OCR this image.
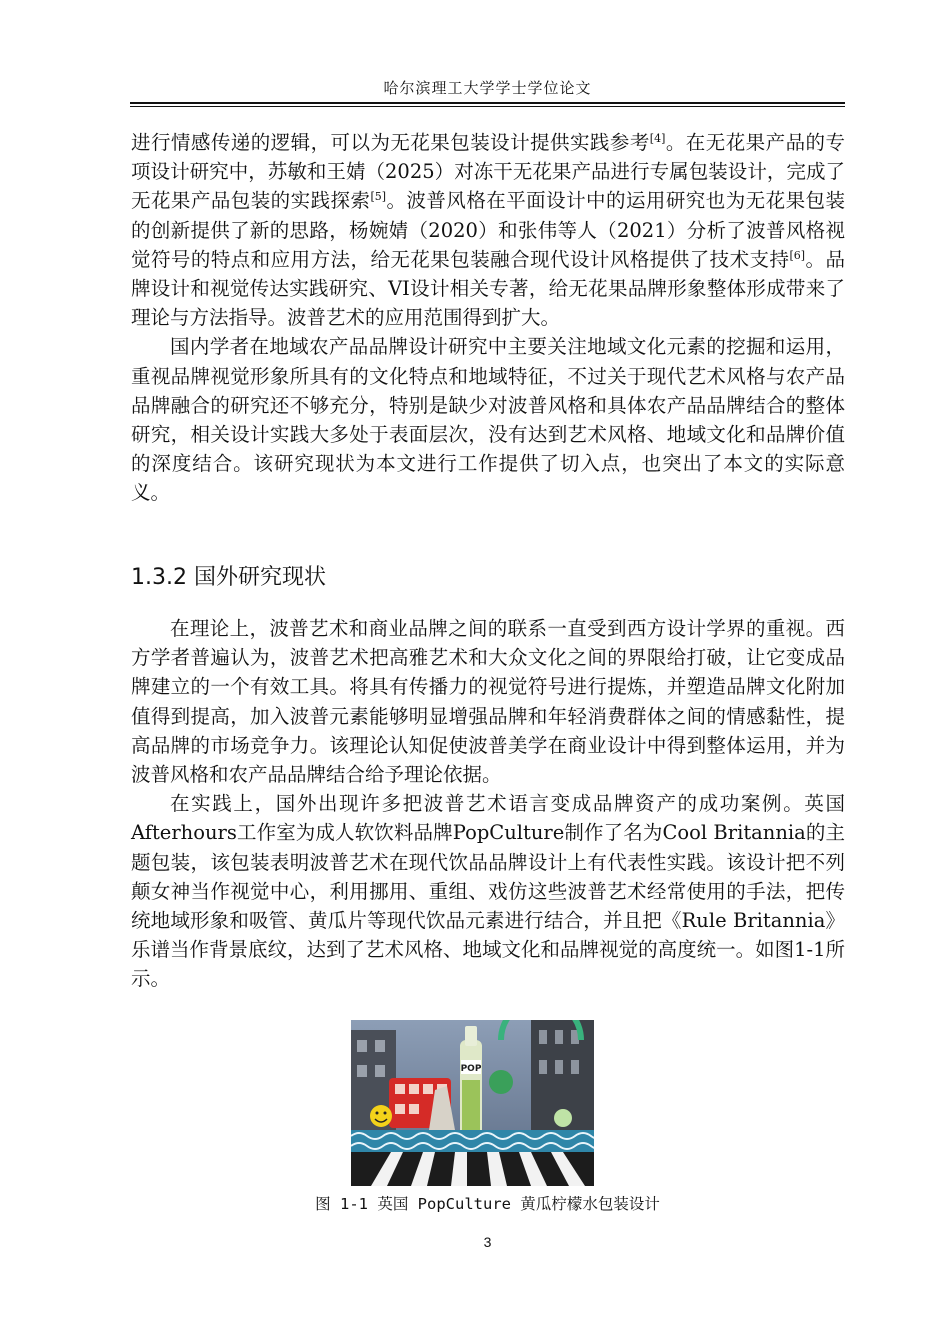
哈尔滨理工大学学士学位论文

进行情感传递的逻辑，可以为无花果包装设计提供实践参考[4]。在无花果产品的专项设计研究中，苏敏和王婧（2025）对冻干无花果产品进行专属包装设计，完成了无花果产品包装的实践探索[5]。波普风格在平面设计中的运用研究也为无花果包装的创新提供了新的思路，杨婉婧（2020）和张伟等人（2021）分析了波普风格视觉符号的特点和应用方法，给无花果包装融合现代设计风格提供了技术支持[6]。品牌设计和视觉传达实践研究、VI设计相关专著，给无花果品牌形象整体形成带来了理论与方法指导。波普艺术的应用范围得到扩大。

国内学者在地域农产品品牌设计研究中主要关注地域文化元素的挖掘和运用，重视品牌视觉形象所具有的文化特点和地域特征，不过关于现代艺术风格与农产品品牌融合的研究还不够充分，特别是缺少对波普风格和具体农产品品牌结合的整体研究，相关设计实践大多处于表面层次，没有达到艺术风格、地域文化和品牌价值的深度结合。该研究现状为本文进行工作提供了切入点，也突出了本文的实际意义。

1.3.2 国外研究现状

在理论上，波普艺术和商业品牌之间的联系一直受到西方设计学界的重视。西方学者普遍认为，波普艺术把高雅艺术和大众文化之间的界限给打破，让它变成品牌建立的一个有效工具。将具有传播力的视觉符号进行提炼，并塑造品牌文化附加值得到提高，加入波普元素能够明显增强品牌和年轻消费群体之间的情感黏性，提高品牌的市场竞争力。该理论认知促使波普美学在商业设计中得到整体运用，并为波普风格和农产品品牌结合给予理论依据。

在实践上，国外出现许多把波普艺术语言变成品牌资产的成功案例。英国Afterhours工作室为成人软饮料品牌PopCulture制作了名为Cool Britannia的主题包装，该包装表明波普艺术在现代饮品品牌设计上有代表性实践。该设计把不列颠女神当作视觉中心，利用挪用、重组、戏仿这些波普艺术经常使用的手法，把传统地域形象和吸管、黄瓜片等现代饮品元素进行结合，并且把《Rule Britannia》乐谱当作背景底纹，达到了艺术风格、地域文化和品牌视觉的高度统一。如图1-1所示。

POP
图 1-1 英国 PopCulture 黄瓜柠檬水包装设计
3
